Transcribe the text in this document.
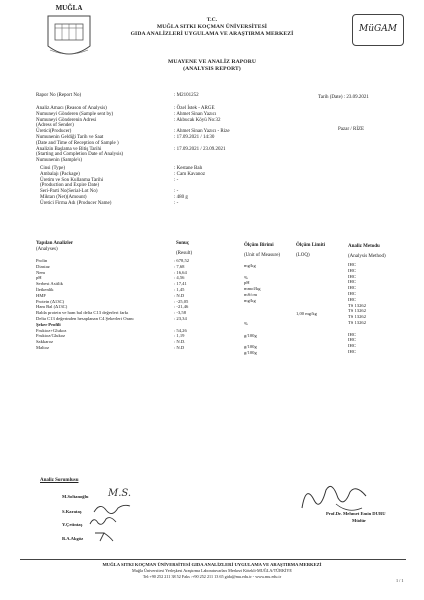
MUĞLA
MüGAM
T.C.
MUĞLA SITKI KOÇMAN ÜNİVERSİTESİ
GIDA ANALİZLERİ UYGULAMA VE ARAŞTIRMA MERKEZİ
MUAYENE VE ANALİZ RAPORU
(ANALYSIS REPORT)
Rapor No (Report No)	: M2101252	Tarih (Date) : 23.09.2021
Analiz Amacı (Reason of Analysis)
Numuneyi Gönderen (Sample sent by)
Numuneyi Gönderenin Adresi
(Adress of Sender)
Üretici(Producer)
Numunenin Geldiği Tarih ve Saat
(Date and Time of Reception of Sample )
Analizin Başlama ve Bitiş Tarihi
(Starting and Completion Date of Analysis)
Numunenin (Sample's)
: Özel İstek - ARGE
: Ahmet Sinan Yazıcı
: Akbucak Köyü No:32
: Ahmet Sinan Yazıcı - Rize
: 17.09.2021 / 14:30
: 17.09.2021 / 23.09.2021
Pazar / RİZE
Cinsi (Type)
Ambalajı (Package)
Üretim ve Son Kullanma Tarihi
(Production and Expire Date)
Seri-Parti No(Serial-Lot No)
Miktarı (Net)(Amount)
Üretici Firma Adı (Producer Name)
: Kestane Balı
: Cam Kavanoz
: -
: -
: 480 g
: -
Yapılan Analizler
(Analyses)
Sonuç
(Result)
Ölçüm Birimi
(Unit of Measure)
Ölçüm Limiti
(LOQ)
Analiz Metodu
(Analysis Method)
Prolin
Diastaz
Nem
pH
Serbest Asitlik
İletkenlik
HMF
Protein (Δ13C)
Ham Bal (Δ13C)
Balda protein ve ham bal delta C13 değerleri farkı
Delta C13 değerinden hesaplanan C4 Şekerleri Oranı
Şeker Profili
Fruktoz+Glukoz
Fruktoz/Glukoz
Sakkaroz
Maltoz
: 678,52
: 7,68
: 16,64
: 4,56
: 17,41
: 1,45
: N.D
: -25,05
: -21,46
: -3,58
: 23,34
: 54,26
: 1,19
: N.D.
: N.D
mg/kg
%
pH
mmol/kg
mS/cm
mg/kg
%
g/100g
g/100g
g/100g
1,00 mg/kg
IHC
IHC
IHC
IHC
IHC
IHC
IHC
TS 13262
TS 13262
TS 13262
TS 13262
IHC
IHC
IHC
IHC
Analiz Sorumlusu
M.Soltanoğlu M.S.
S.Karataş
Y.Çetintaş
B.A.Akgöz
Prof.Dr. Mehmet Emin DURU
Müdür
MUĞLA SITKI KOÇMAN ÜNİVERSİTESİ GIDA ANALİZLERİ UYGULAMA VE ARAŞTIRMA MERKEZİ
Muğla Üniversitesi Yerleşkesi Araştırma Laboratuvarları Merkezi Kötekli-MUĞLA/TÜRKİYE
Tel:+90 252 211 38 52 Faks :+90 252 211 13 65 gida@mu.edu.tr - www.mu.edu.tr
1 / 1
